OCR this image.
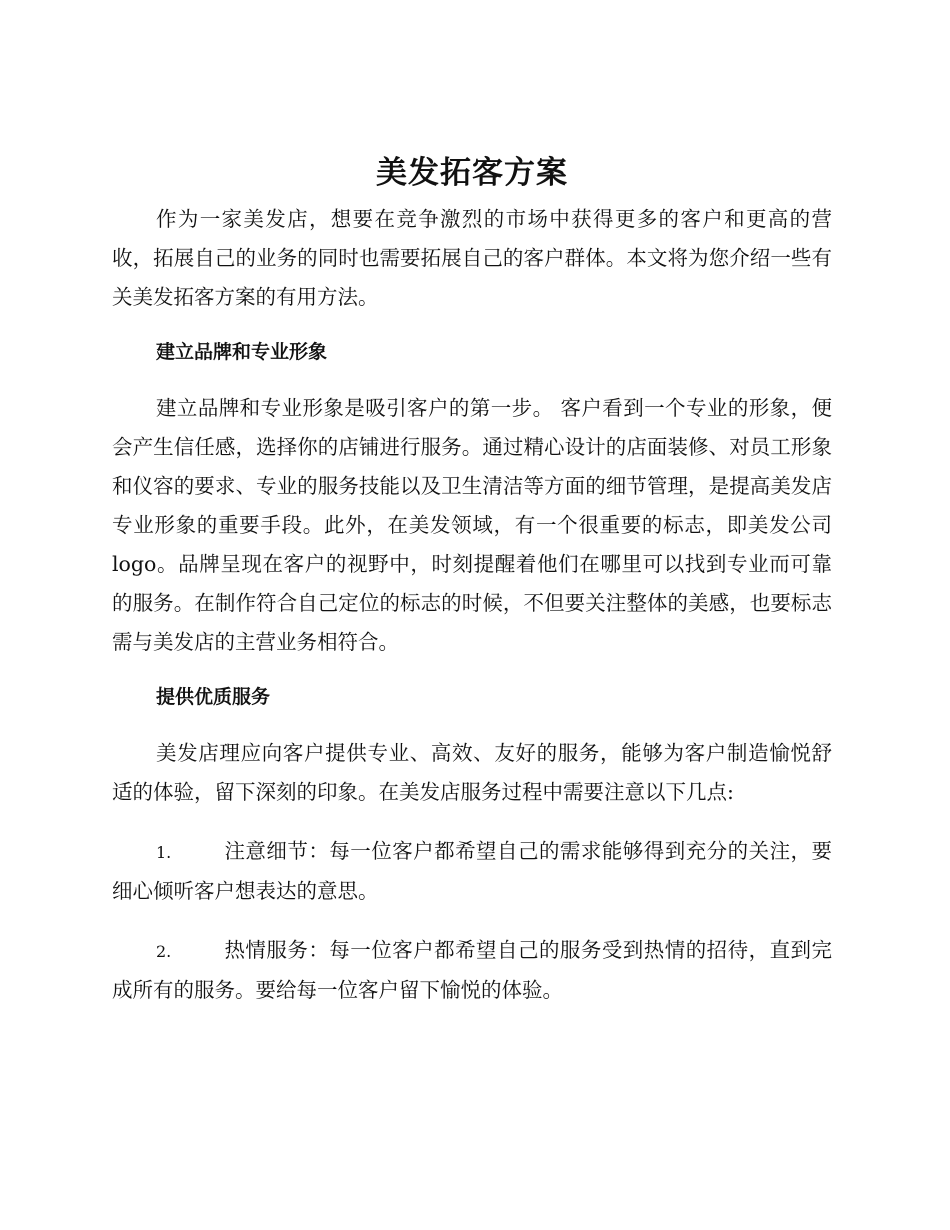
美发拓客方案

作为一家美发店，想要在竞争激烈的市场中获得更多的客户和更高的营收，拓展自己的业务的同时也需要拓展自己的客户群体。本文将为您介绍一些有关美发拓客方案的有用方法。

建立品牌和专业形象

建立品牌和专业形象是吸引客户的第一步。 客户看到一个专业的形象，便会产生信任感，选择你的店铺进行服务。通过精心设计的店面装修、对员工形象和仪容的要求、专业的服务技能以及卫生清洁等方面的细节管理，是提高美发店专业形象的重要手段。此外，在美发领域，有一个很重要的标志，即美发公司logo。品牌呈现在客户的视野中，时刻提醒着他们在哪里可以找到专业而可靠的服务。在制作符合自己定位的标志的时候，不但要关注整体的美感，也要标志需与美发店的主营业务相符合。

提供优质服务

美发店理应向客户提供专业、高效、友好的服务，能够为客户制造愉悦舒适的体验，留下深刻的印象。在美发店服务过程中需要注意以下几点:

1.	注意细节：每一位客户都希望自己的需求能够得到充分的关注，要细心倾听客户想表达的意思。

2.	热情服务：每一位客户都希望自己的服务受到热情的招待，直到完成所有的服务。要给每一位客户留下愉悦的体验。
